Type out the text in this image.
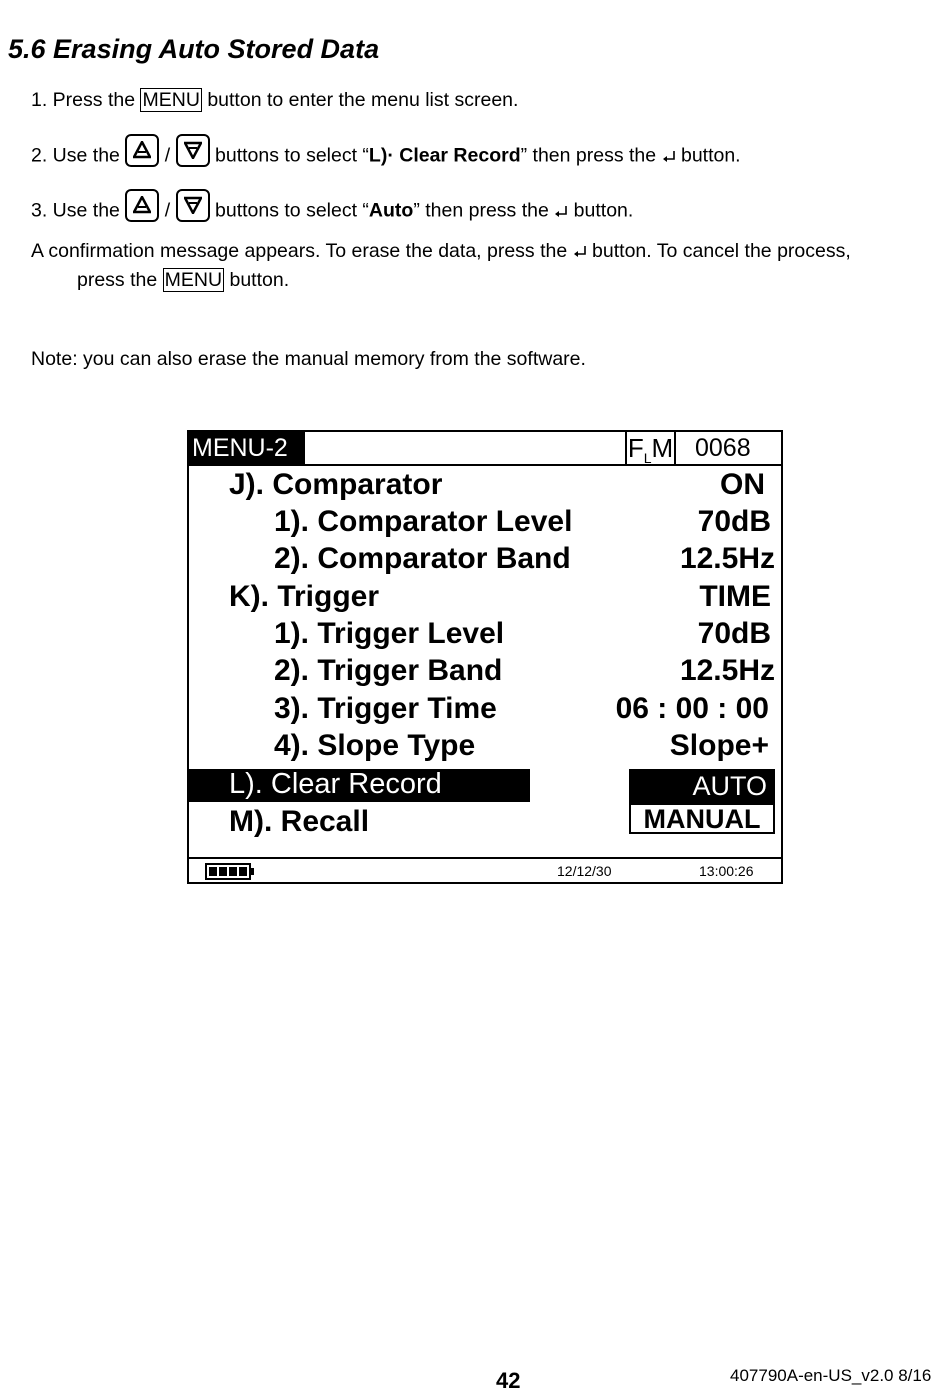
5.6 Erasing Auto Stored Data
1. Press the MENU button to enter the menu list screen.
2. Use the / buttons to select “L)· Clear Record” then press the button.
3. Use the / buttons to select “Auto” then press the button.
A confirmation message appears. To erase the data, press the button. To cancel the process,
press the MENU button.
Note: you can also erase the manual memory from the software.
MENU-2	$F_LM$ 0068
J). Comparator	ON
1). Comparator Level	70dB
2). Comparator Band	12.5Hz
K). Trigger	TIME
1). Trigger Level	70dB
2). Trigger Band	12.5Hz
3). Trigger Time	06 : 00 : 00
4). Slope Type	Slope+
L). Clear Record	AUTO
MANUAL
M). Recall
12/12/30	13:00:26
42	407790A-en-US_v2.0 8/16
